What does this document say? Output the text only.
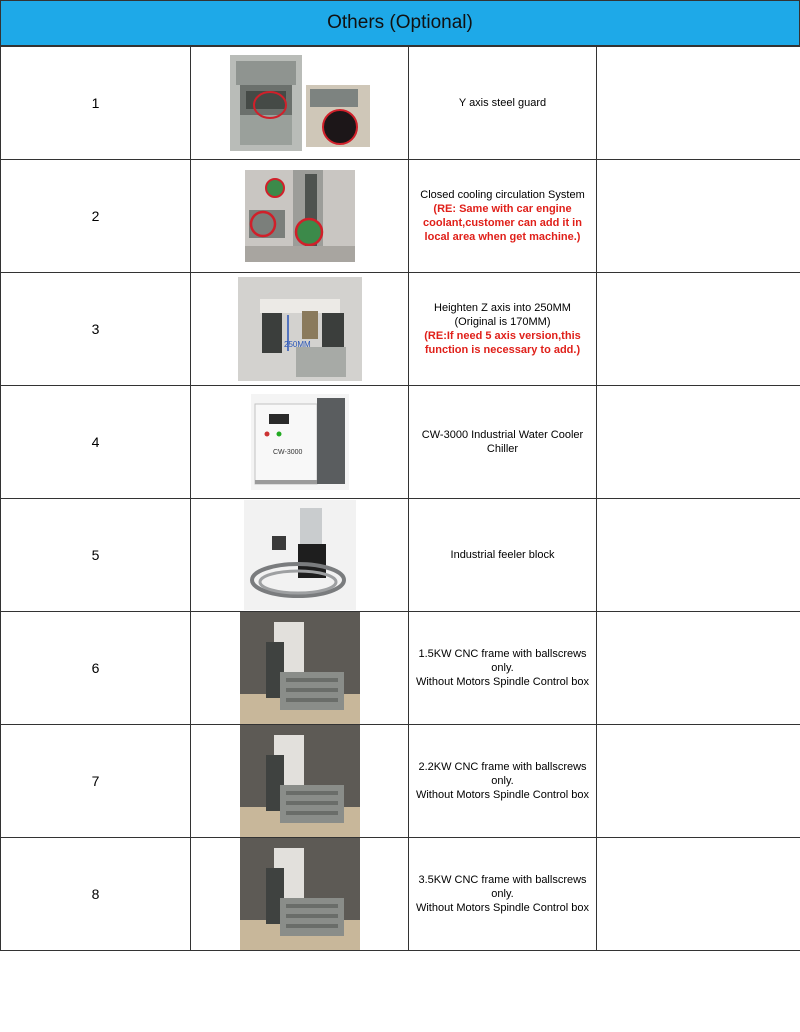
Others (Optional)
1		Y axis steel guard	

2		Closed cooling circulation System
(RE: Same with car engine
coolant,customer can add it in
local area when get machine.)	

3	250MM	Heighten Z axis into 250MM
(Original is 170MM)
(RE:If need 5 axis version,this
function is necessary to add.)	

4	CW-3000	CW-3000 Industrial Water Cooler
Chiller	

5		Industrial feeler block	

6		1.5KW CNC frame with ballscrews
only.
Without Motors Spindle Control box	

7		2.2KW CNC frame with ballscrews
only.
Without Motors Spindle Control box	

8		3.5KW CNC frame with ballscrews
only.
Without Motors Spindle Control box	
